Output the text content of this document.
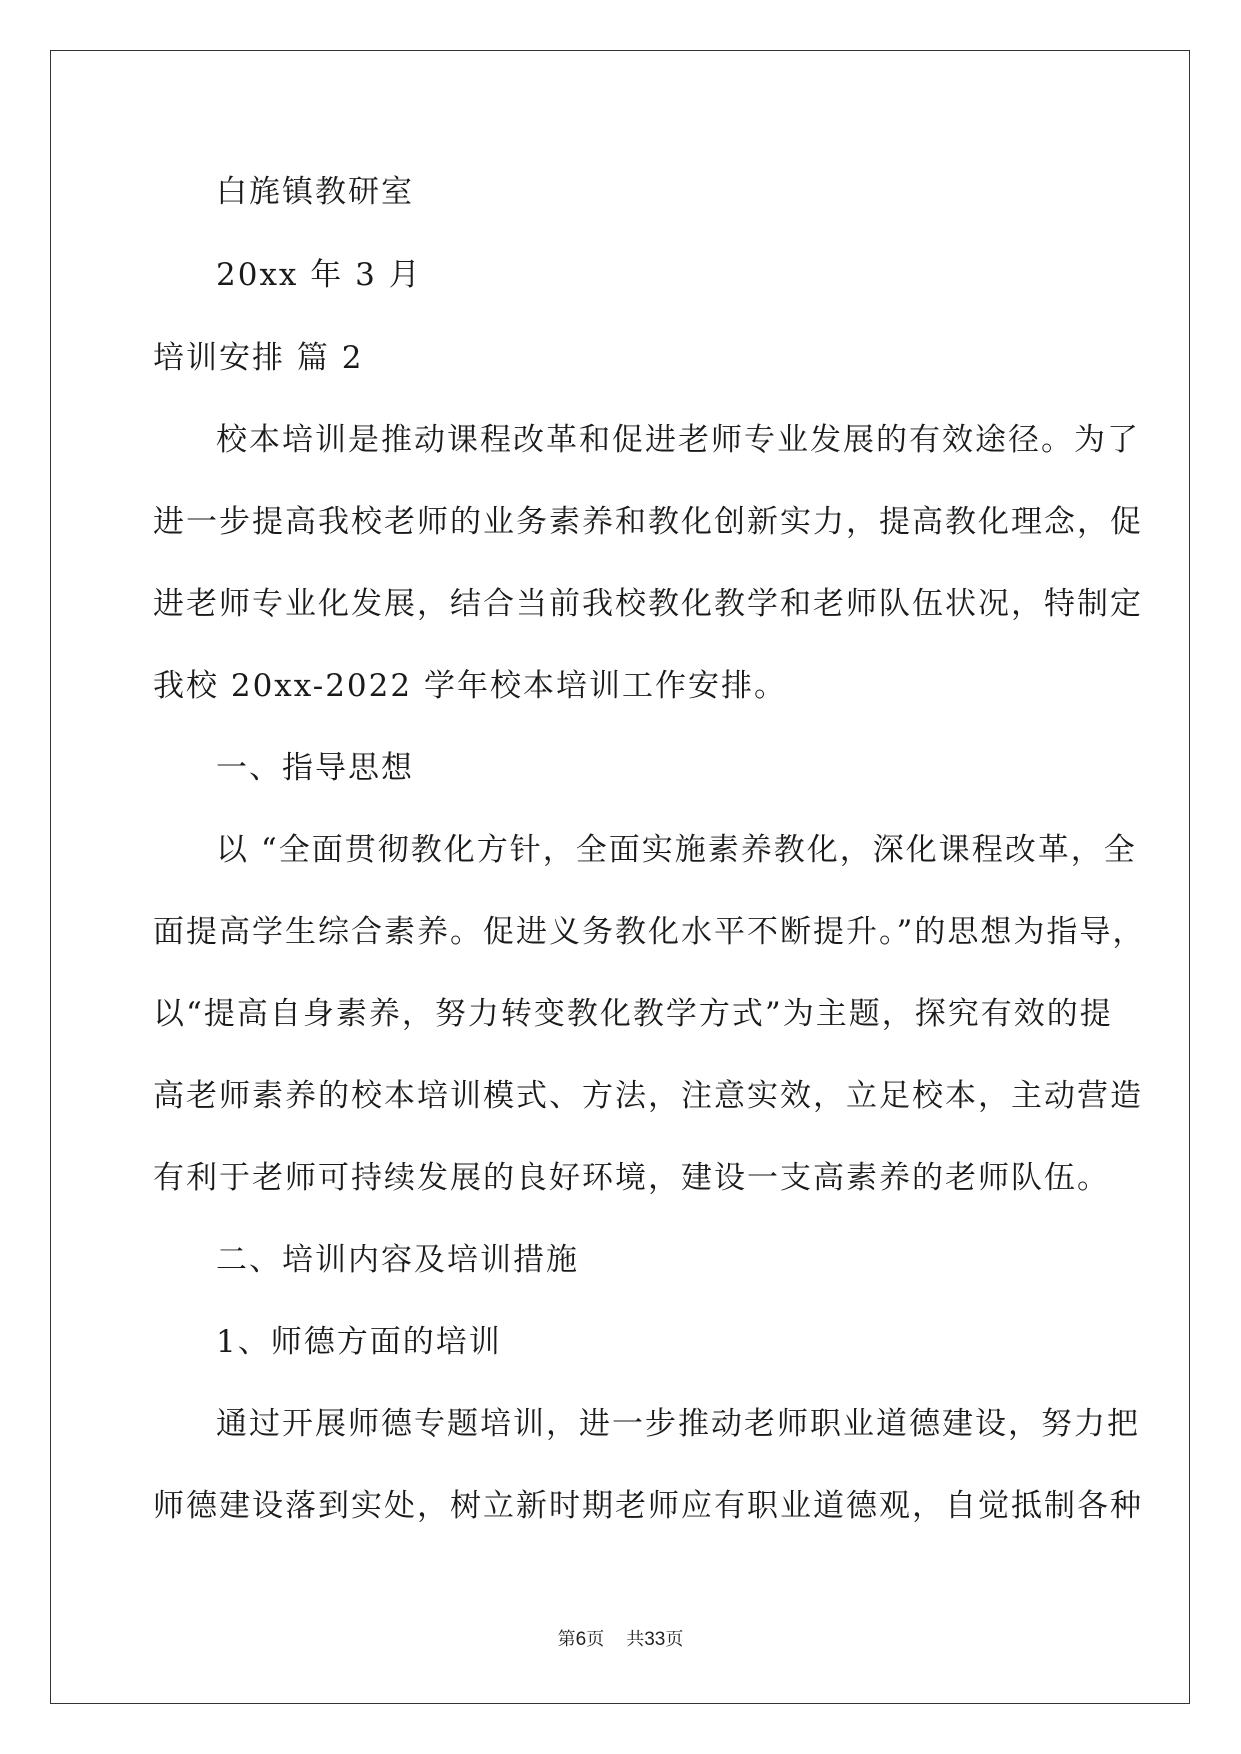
白旄镇教研室
20xx 年 3 月
培训安排 篇 2
校本培训是推动课程改革和促进老师专业发展的有效途径。为了
进一步提高我校老师的业务素养和教化创新实力，提高教化理念，促
进老师专业化发展，结合当前我校教化教学和老师队伍状况，特制定
我校 20xx-2022 学年校本培训工作安排。
一、指导思想
以 “全面贯彻教化方针，全面实施素养教化，深化课程改革，全
面提高学生综合素养。促进义务教化水平不断提升。”的思想为指导，
以“提高自身素养，努力转变教化教学方式”为主题，探究有效的提
高老师素养的校本培训模式、方法，注意实效，立足校本，主动营造
有利于老师可持续发展的良好环境，建设一支高素养的老师队伍。
二、培训内容及培训措施
1、师德方面的培训
通过开展师德专题培训，进一步推动老师职业道德建设，努力把
师德建设落到实处，树立新时期老师应有职业道德观，自觉抵制各种
第6页 共33页
